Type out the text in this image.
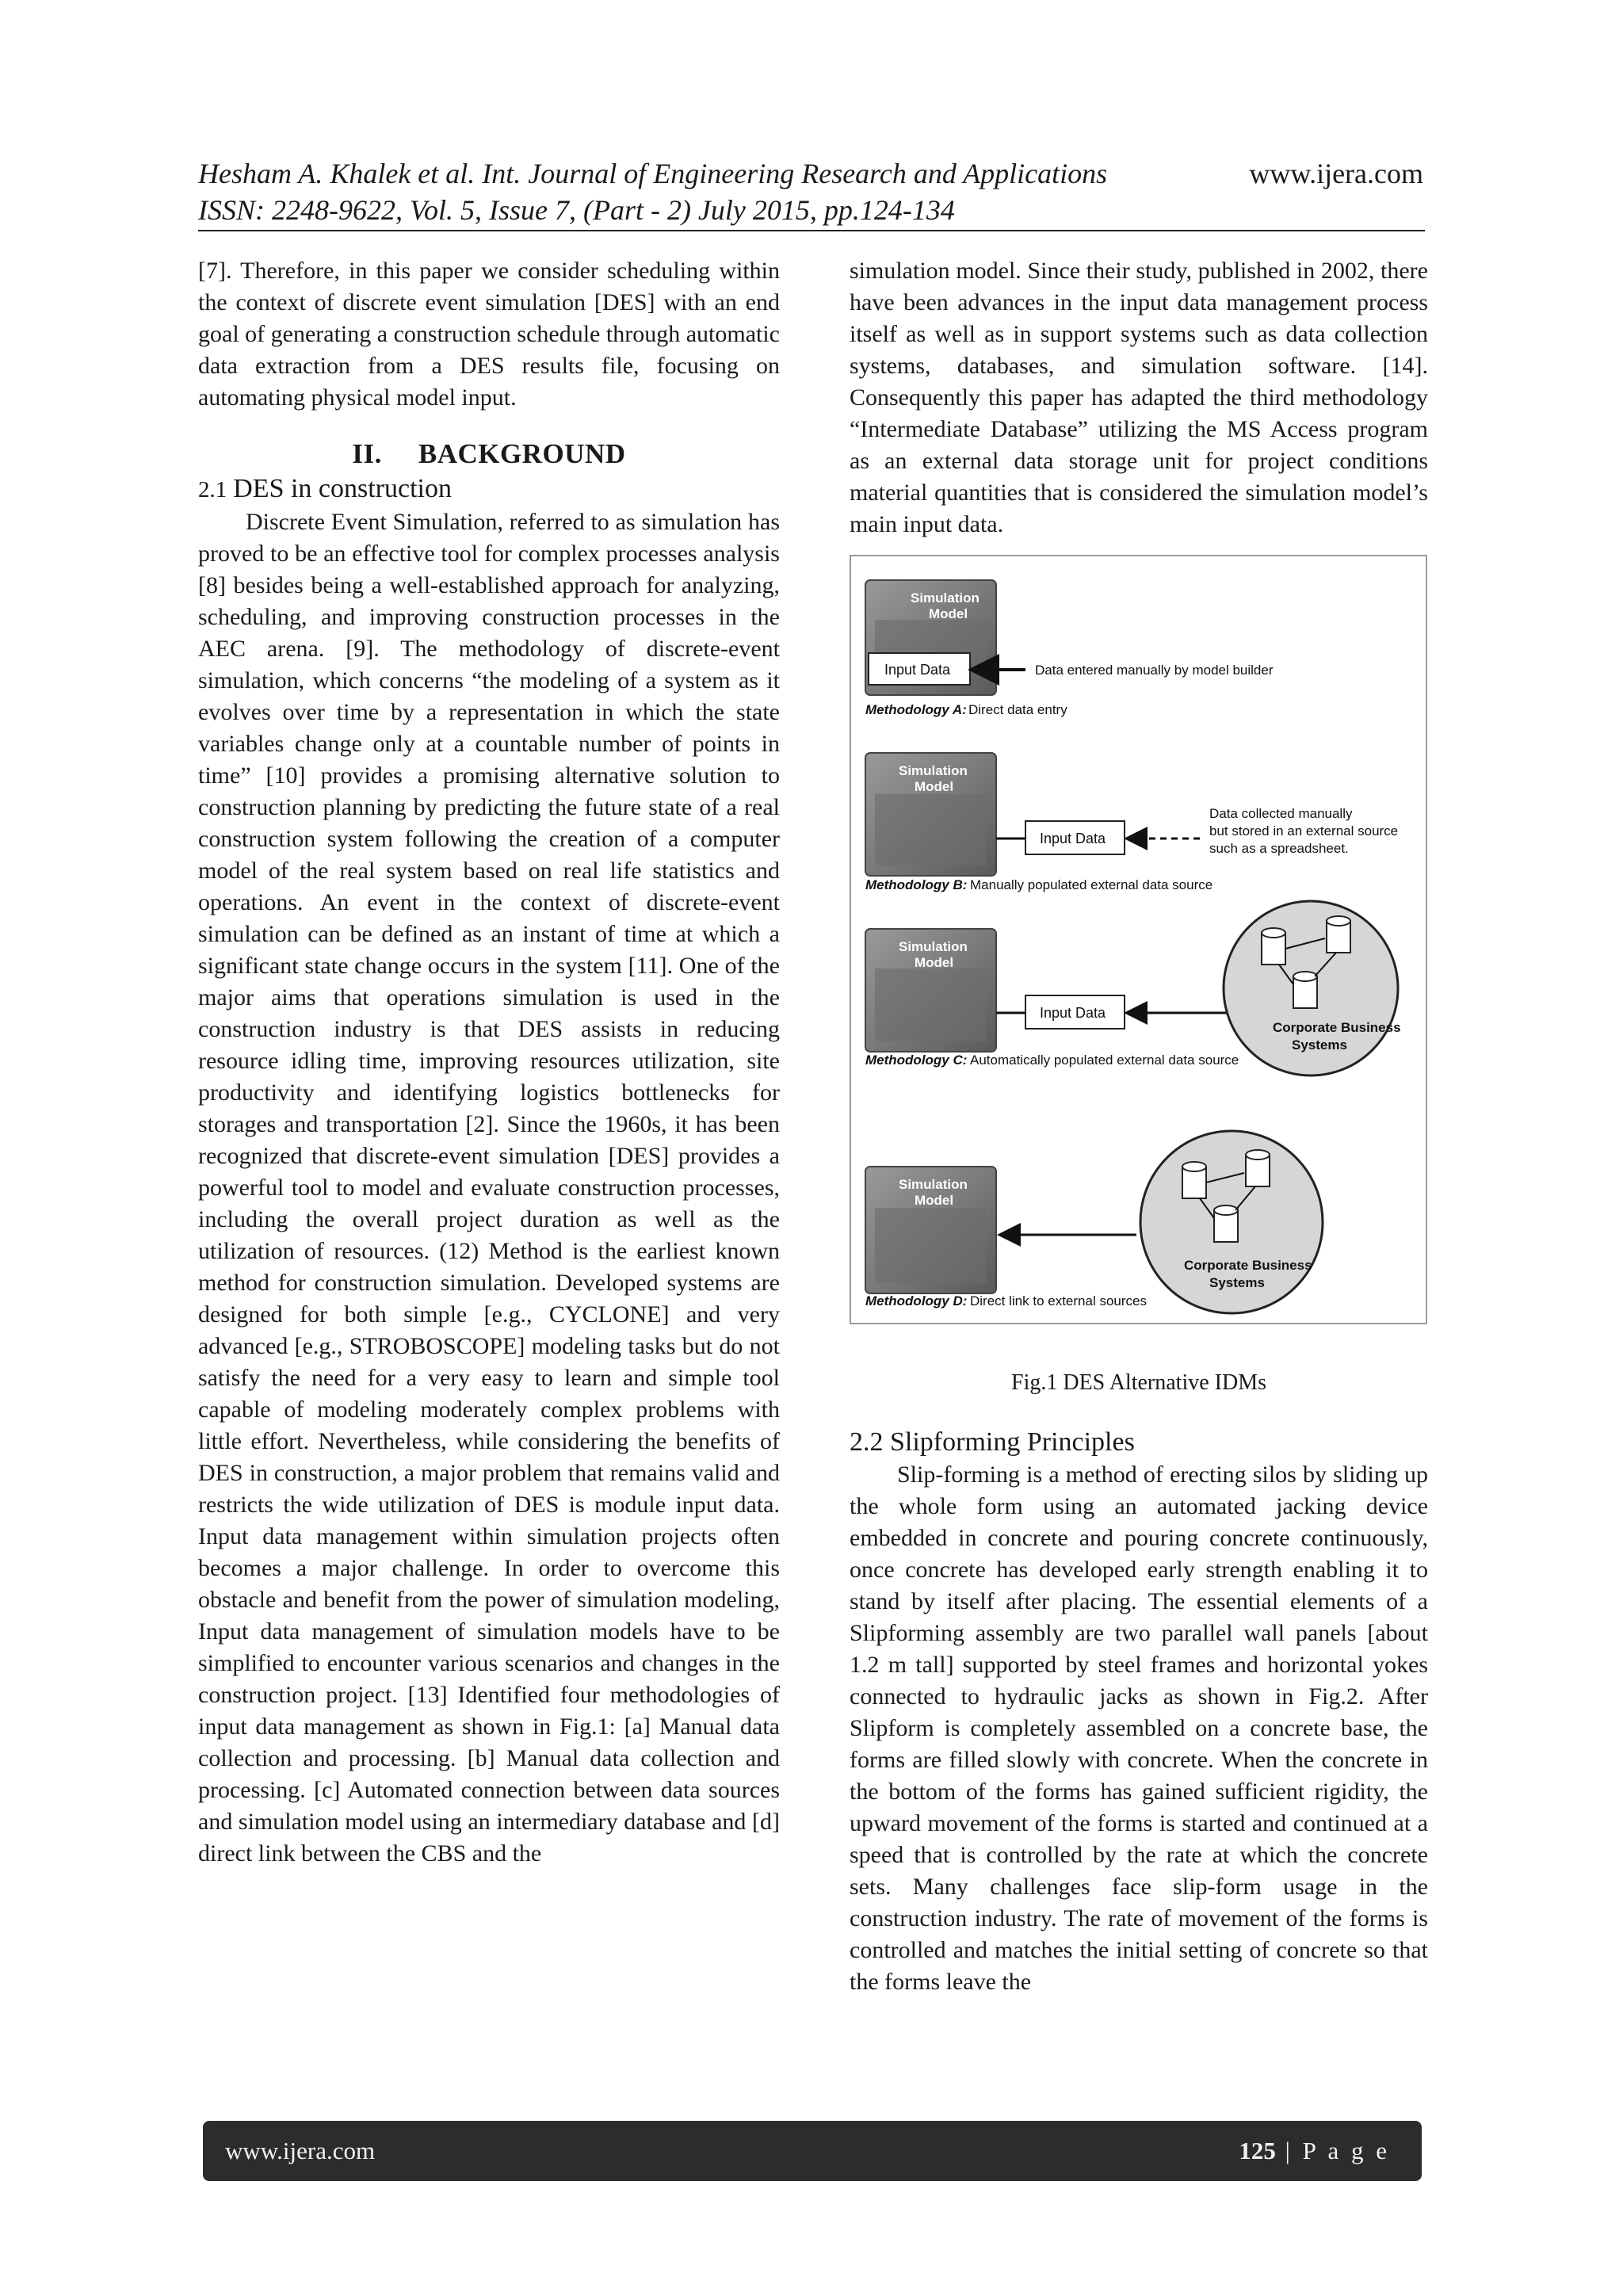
Hesham A. Khalek et al. Int. Journal of Engineering Research and Applications
ISSN: 2248-9622, Vol. 5, Issue 7, (Part - 2) July 2015, pp.124-134
www.ijera.com

[7]. Therefore, in this paper we consider scheduling within the context of discrete event simulation [DES] with an end goal of generating a construction schedule through automatic data extraction from a DES results file, focusing on automating physical model input.

II. BACKGROUND
2.1 DES in construction

Discrete Event Simulation, referred to as simulation has proved to be an effective tool for complex processes analysis [8] besides being a well-established approach for analyzing, scheduling, and improving construction processes in the AEC arena. [9]. The methodology of discrete-event simulation, which concerns “the modeling of a system as it evolves over time by a representation in which the state variables change only at a countable number of points in time” [10] provides a promising alternative solution to construction planning by predicting the future state of a real construction system following the creation of a computer model of the real system based on real life statistics and operations. An event in the context of discrete-event simulation can be defined as an instant of time at which a significant state change occurs in the system [11]. One of the major aims that operations simulation is used in the construction industry is that DES assists in reducing resource idling time, improving resources utilization, site productivity and identifying logistics bottlenecks for storages and transportation [2]. Since the 1960s, it has been recognized that discrete-event simulation [DES] provides a powerful tool to model and evaluate construction processes, including the overall project duration as well as the utilization of resources. (12) Method is the earliest known method for construction simulation. Developed systems are designed for both simple [e.g., CYCLONE] and very advanced [e.g., STROBOSCOPE] modeling tasks but do not satisfy the need for a very easy to learn and simple tool capable of modeling moderately complex problems with little effort. Nevertheless, while considering the benefits of DES in construction, a major problem that remains valid and restricts the wide utilization of DES is module input data. Input data management within simulation projects often becomes a major challenge. In order to overcome this obstacle and benefit from the power of simulation modeling, Input data management of simulation models have to be simplified to encounter various scenarios and changes in the construction project. [13] Identified four methodologies of input data management as shown in Fig.1: [a] Manual data collection and processing. [b] Manual data collection and processing. [c] Automated connection between data sources and simulation model using an intermediary database and [d] direct link between the CBS and the

simulation model. Since their study, published in 2002, there have been advances in the input data management process itself as well as in support systems such as data collection systems, databases, and simulation software. [14]. Consequently this paper has adapted the third methodology “Intermediate Database” utilizing the MS Access program as an external data storage unit for project conditions material quantities that is considered the simulation model’s main input data.

Simulation
Model
Input Data	Data entered manually by model builder
Methodology A: Direct data entry
Simulation
Model
Input Data
Data collected manually
but stored in an external source
such as a spreadsheet.
Methodology B: Manually populated external data source
Simulation
Model
Input Data
Corporate Business
Systems
Methodology C: Automatically populated external data source
Simulation
Model
Corporate Business
Systems
Methodology D: Direct link to external sources
Fig.1 DES Alternative IDMs
2.2 Slipforming Principles

Slip-forming is a method of erecting silos by sliding up the whole form using an automated jacking device embedded in concrete and pouring concrete continuously, once concrete has developed early strength enabling it to stand by itself after placing. The essential elements of a Slipforming assembly are two parallel wall panels [about 1.2 m tall] supported by steel frames and horizontal yokes connected to hydraulic jacks as shown in Fig.2. After Slipform is completely assembled on a concrete base, the forms are filled slowly with concrete. When the concrete in the bottom of the forms has gained sufficient rigidity, the upward movement of the forms is started and continued at a speed that is controlled by the rate at which the concrete sets. Many challenges face slip-form usage in the construction industry. The rate of movement of the forms is controlled and matches the initial setting of concrete so that the forms leave the

www.ijera.com	125 | P a g e
